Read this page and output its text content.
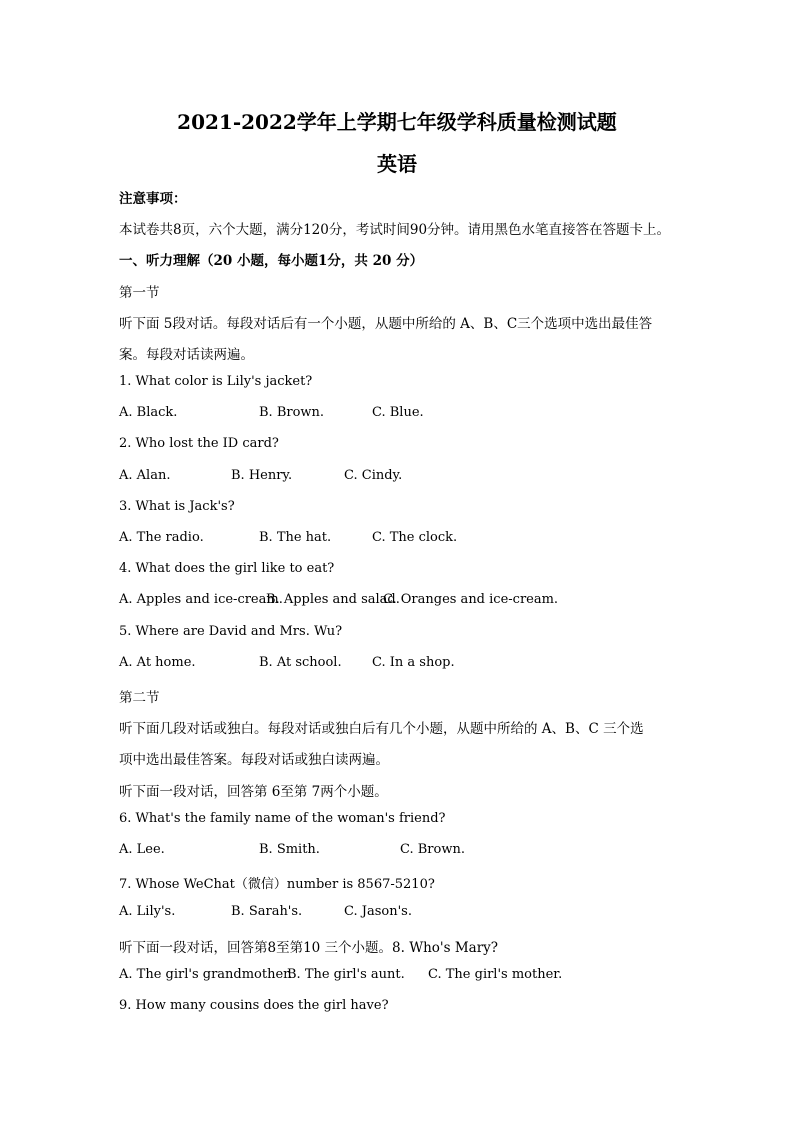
2021-2022学年上学期七年级学科质量检测试题
英语
注意事项：
本试卷共8页，六个大题，满分120分，考试时间90分钟。请用黑色水笔直接答在答题卡上。
一、听力理解（20 小题，每小题1分，共 20 分）
第一节
听下面 5段对话。每段对话后有一个小题，从题中所给的 A、B、C三个选项中选出最佳答
案。每段对话读两遍。
1. What color is Lily's jacket?
A. Black.	B. Brown.	C. Blue.
2. Who lost the ID card?
A. Alan.	B. Henry.	C. Cindy.
3. What is Jack's?
A. The radio.	B. The hat.	C. The clock.
4. What does the girl like to eat?
A. Apples and ice-cream.
B. Apples and salad.
C. Oranges and ice-cream.
5. Where are David and Mrs. Wu?
A. At home.	B. At school. C. In a shop.
第二节
听下面几段对话或独白。每段对话或独白后有几个小题，从题中所给的 A、B、C 三个选
项中选出最佳答案。每段对话或独白读两遍。
听下面一段对话，回答第 6至第 7两个小题。
6. What's the family name of the woman's friend?
A. Lee.	B. Smith.	C. Brown.
7. Whose WeChat（微信）number is 8567-5210?
A. Lily's.	B. Sarah's.	C. Jason's.
听下面一段对话，回答第8至第10 三个小题。8. Who's Mary?
A. The girl's grandmother.
B. The girl's aunt. C. The girl's mother.
9. How many cousins does the girl have?
